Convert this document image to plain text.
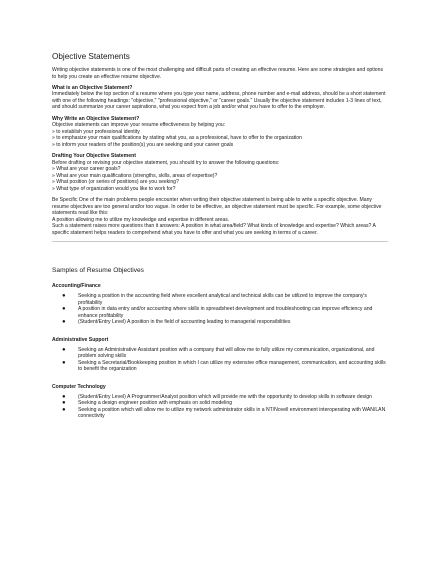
Objective Statements

Writing objective statements is one of the most challenging and difficult parts of creating an effective resume. Here are some strategies and options to help you create an effective resume objective.

What is an Objective Statement?

Immediately below the top section of a resume where you type your name, address, phone number and e-mail address, should be a short statement with one of the following headings: "objective," "professional objective," or "career goals." Usually the objective statement includes 1-3 lines of text, and should summarize your career aspirations, what you expect from a job and/or what you have to offer to the employer.

Why Write an Objective Statement?

Objective statements can improve your resume effectiveness by helping you:

» to establish your professional identity

» to emphasize your main qualifications by stating what you, as a professional, have to offer to the organization

» to inform your readers of the position(s) you are seeking and your career goals

Drafting Your Objective Statement

Before drafting or revising your objective statement, you should try to answer the following questions:

» What are your career goals?

» What are your main qualifications (strengths, skills, areas of expertise)?

» What position (or series of positions) are you seeking?

» What type of organization would you like to work for?

Be Specific One of the main problems people encounter when writing their objective statement is being able to write a specific objective. Many resume objectives are too general and/or too vague. In order to be effective, an objective statement must be specific. For example, some objective statements read like this:

A position allowing me to utilize my knowledge and expertise in different areas.

Such a statement raises more questions than it answers: A position in what area/field? What kinds of knowledge and expertise? Which areas? A specific statement helps readers to comprehend what you have to offer and what you are seeking in terms of a career.

Samples of Resume Objectives
Accounting/Finance
● Seeking a position in the accounting field where excellent analytical and technical skills can be utilized to improve the company's profitability
● A position in data entry and/or accounting where skills in spreadsheet development and troubleshooting can improve efficiency and enhance profitability
● (Student/Entry Level) A position in the field of accounting leading to managerial responsibilities
Administrative Support
● Seeking an Administrative Assistant position with a company that will allow me to fully utilize my communication, organizational, and problem solving skills
● Seeking a Secretarial/Bookkeeping position in which I can utilize my extensive office management, communication, and accounting skills to benefit the organization
Computer Technology
● (Student/Entry Level) A Programmer/Analyst position which will provide me with the opportunity to develop skills in software design
● Seeking a design engineer position with emphasis on solid modeling
● Seeking a position which will allow me to utilize my network administrator skills in a NT/Novell environment interoperating with WAN/LAN connectivity
